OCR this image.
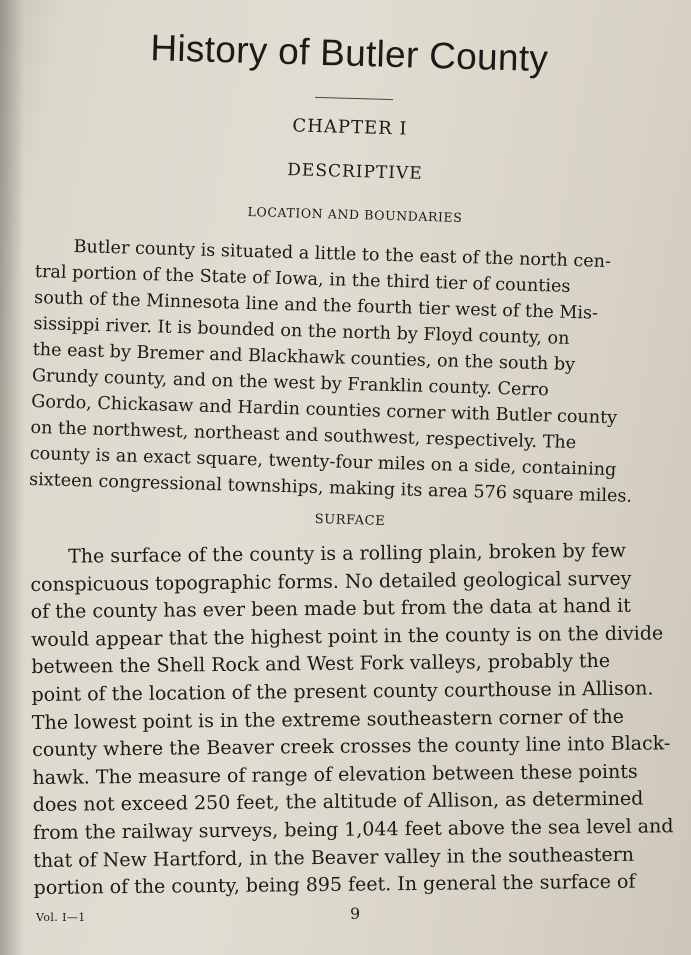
History of Butler County
CHAPTER I
DESCRIPTIVE
LOCATION AND BOUNDARIES
Butler county is situated a little to the east of the north cen-
tral portion of the State of Iowa, in the third tier of counties
south of the Minnesota line and the fourth tier west of the Mis-
sissippi river. It is bounded on the north by Floyd county, on
the east by Bremer and Blackhawk counties, on the south by
Grundy county, and on the west by Franklin county. Cerro
Gordo, Chickasaw and Hardin counties corner with Butler county
on the northwest, northeast and southwest, respectively. The
county is an exact square, twenty-four miles on a side, containing
sixteen congressional townships, making its area 576 square miles.
SURFACE
The surface of the county is a rolling plain, broken by few
conspicuous topographic forms. No detailed geological survey
of the county has ever been made but from the data at hand it
would appear that the highest point in the county is on the divide
between the Shell Rock and West Fork valleys, probably the
point of the location of the present county courthouse in Allison.
The lowest point is in the extreme southeastern corner of the
county where the Beaver creek crosses the county line into Black-
hawk. The measure of range of elevation between these points
does not exceed 250 feet, the altitude of Allison, as determined
from the railway surveys, being 1,044 feet above the sea level and
that of New Hartford, in the Beaver valley in the southeastern
portion of the county, being 895 feet. In general the surface of
Vol. I—1	9
